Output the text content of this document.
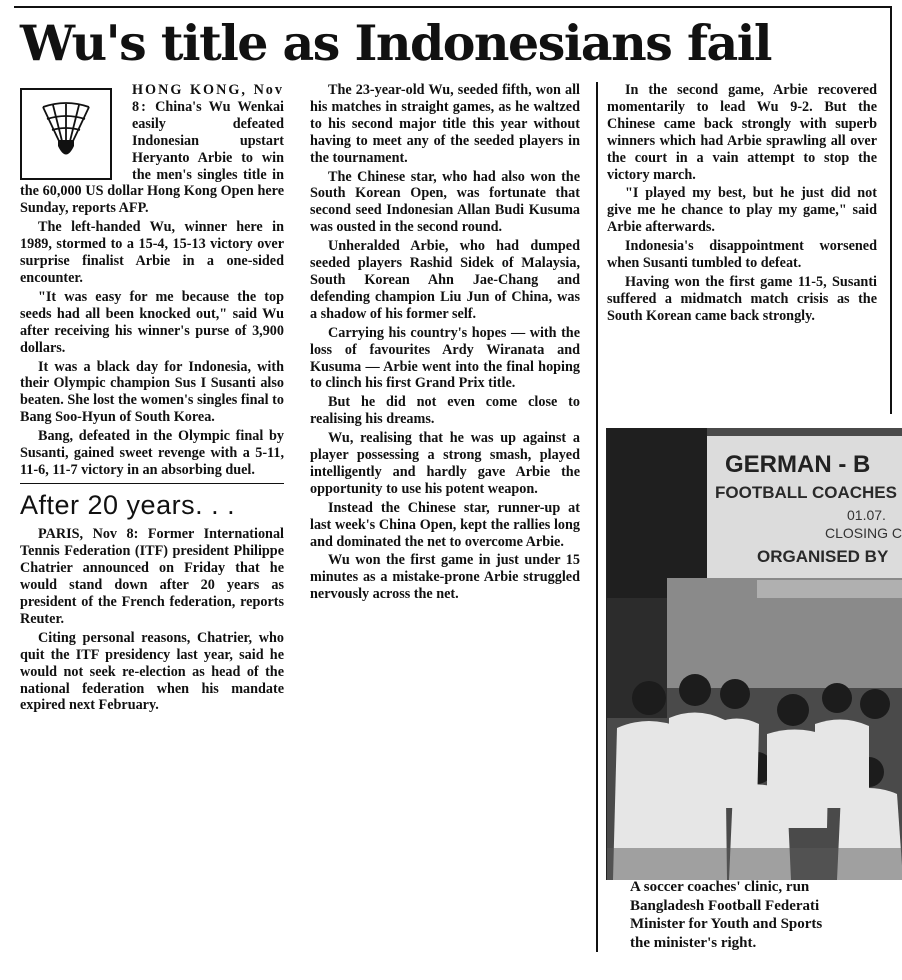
Wu's title as Indonesians fail

HONG KONG, Nov 8: China's Wu Wenkai easily defeated Indonesian upstart Heryanto Arbie to win the men's singles title in the 60,000 US dollar Hong Kong Open here Sunday, reports AFP.

The left-handed Wu, winner here in 1989, stormed to a 15-4, 15-13 victory over surprise finalist Arbie in a one-sided encounter.

"It was easy for me because the top seeds had all been knocked out," said Wu after receiving his winner's purse of 3,900 dollars.

It was a black day for Indonesia, with their Olympic champion Sus I Susanti also beaten. She lost the women's singles final to Bang Soo-Hyun of South Korea.

Bang, defeated in the Olympic final by Susanti, gained sweet revenge with a 5-11, 11-6, 11-7 victory in an absorbing duel.

After 20 years. . .

PARIS, Nov 8: Former International Tennis Federation (ITF) president Philippe Chatrier announced on Friday that he would stand down after 20 years as president of the French federation, reports Reuter.

Citing personal reasons, Chatrier, who quit the ITF presidency last year, said he would not seek re-election as head of the national federation when his mandate expired next February.

The 23-year-old Wu, seeded fifth, won all his matches in straight games, as he waltzed to his second major title this year without having to meet any of the seeded players in the tournament.

The Chinese star, who had also won the South Korean Open, was fortunate that second seed Indonesian Allan Budi Kusuma was ousted in the second round.

Unheralded Arbie, who had dumped seeded players Rashid Sidek of Malaysia, South Korean Ahn Jae-Chang and defending champion Liu Jun of China, was a shadow of his former self.

Carrying his country's hopes — with the loss of favourites Ardy Wiranata and Kusuma — Arbie went into the final hoping to clinch his first Grand Prix title.

But he did not even come close to realising his dreams.

Wu, realising that he was up against a player possessing a strong smash, played intelligently and hardly gave Arbie the opportunity to use his potent weapon.

Instead the Chinese star, runner-up at last week's China Open, kept the rallies long and dominated the net to overcome Arbie.

Wu won the first game in just under 15 minutes as a mistake-prone Arbie struggled nervously across the net.

In the second game, Arbie recovered momentarily to lead Wu 9-2. But the Chinese came back strongly with superb winners which had Arbie sprawling all over the court in a vain attempt to stop the victory march.

"I played my best, but he just did not give me he chance to play my game," said Arbie afterwards.

Indonesia's disappointment worsened when Susanti tumbled to defeat.

Having won the first game 11-5, Susanti suffered a midmatch match crisis as the South Korean came back strongly.

GERMAN - B
FOOTBALL COACHES
01.07.
CLOSING C
ORGANISED BY

A soccer coaches' clinic, run
Bangladesh Football Federati
Minister for Youth and Sports
the minister's right.
